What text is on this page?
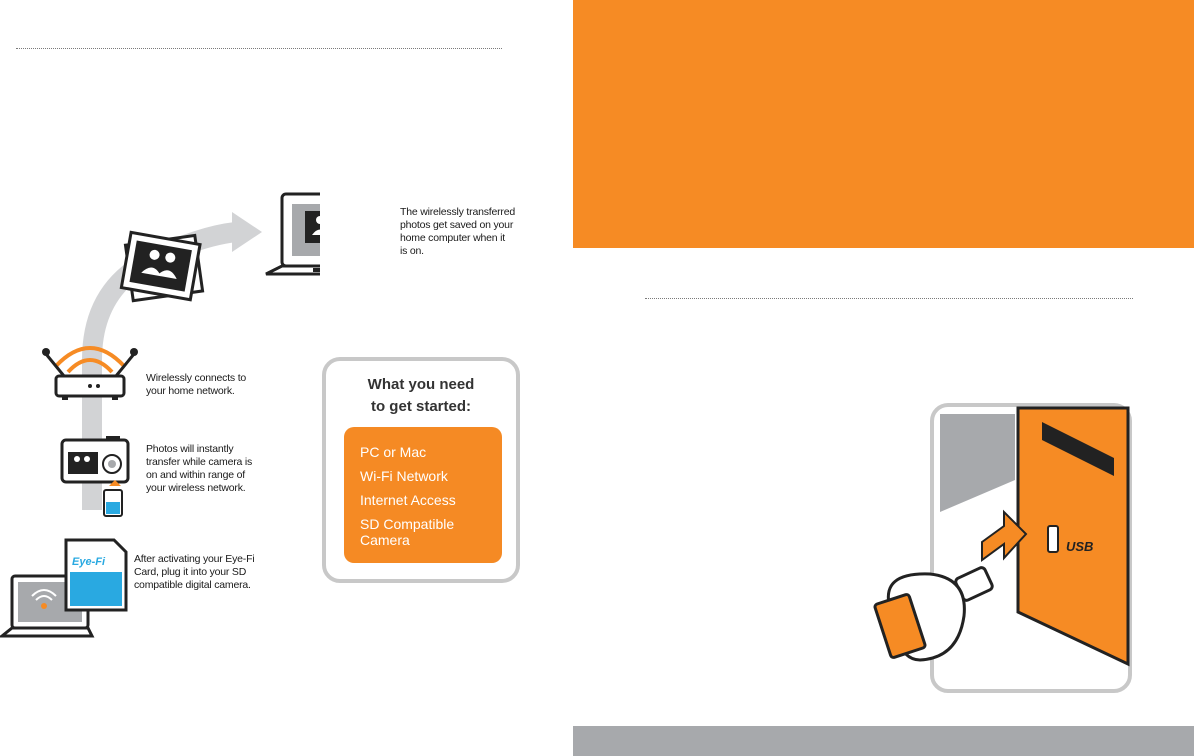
Eye-Fi
The wirelessly transferred
photos get saved on your
home computer when it
is on.
Wirelessly connects to
your home network.
Photos will instantly
transfer while camera is
on and within range of
your wireless network.
After activating your Eye-Fi
Card, plug it into your SD
compatible digital camera.
What you need
to get started:
PC or Mac
Wi-Fi Network
Internet Access
SD Compatible
Camera	USB
